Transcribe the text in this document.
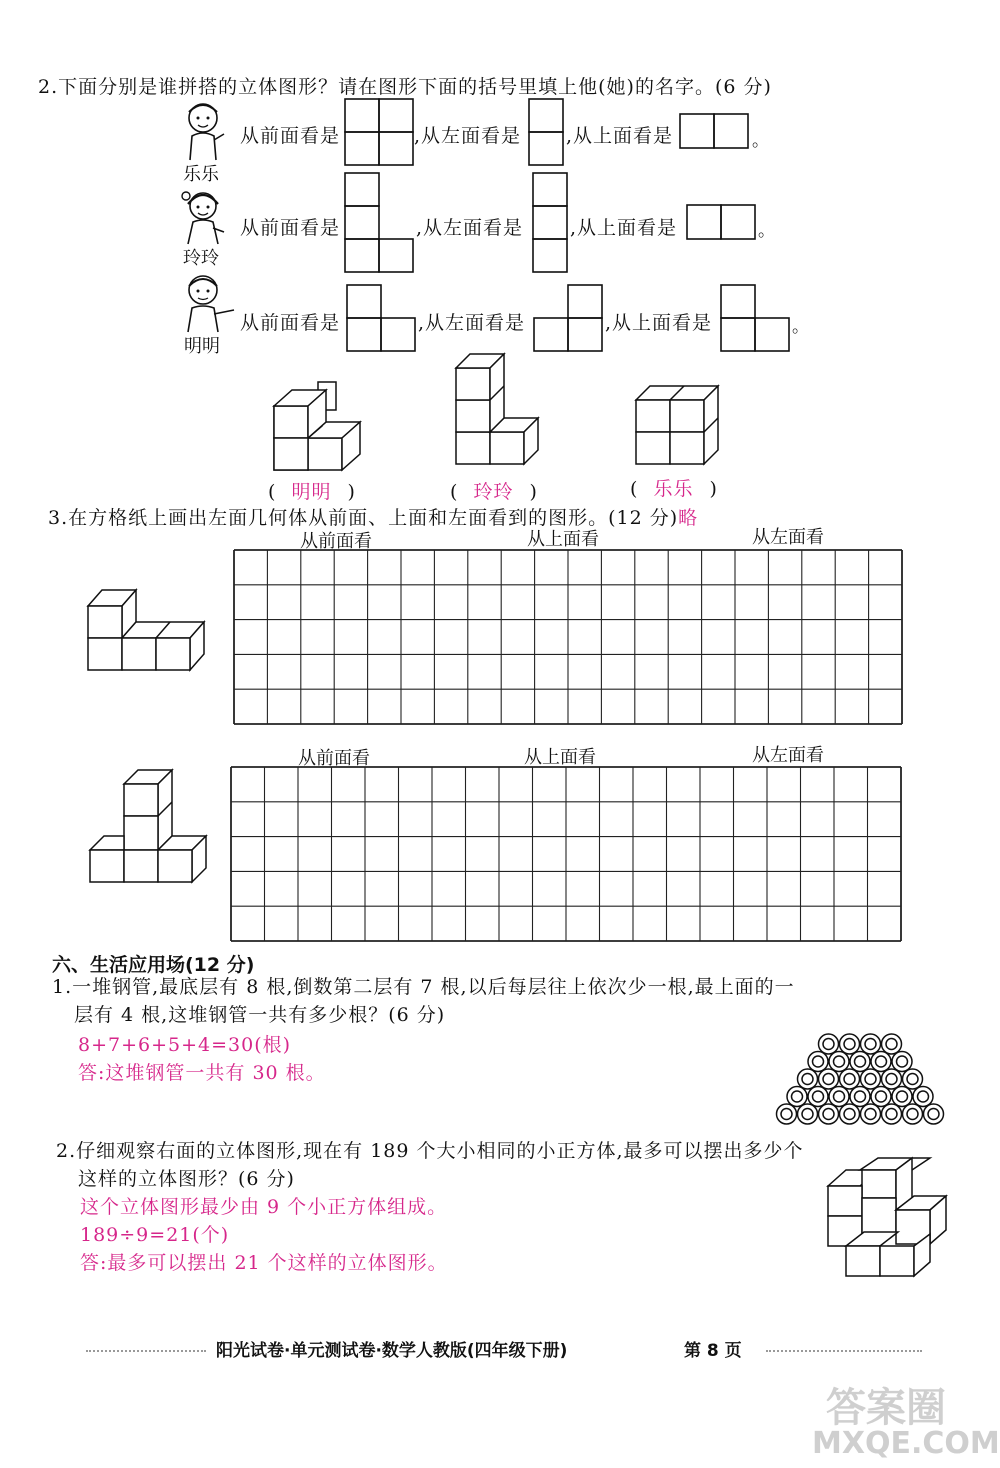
2.下面分别是谁拼搭的立体图形？请在图形下面的括号里填上他(她)的名字。(6 分)
乐乐
从前面看是	,从左面看是 ,从上面看是	。
玲玲
从前面看是	,从左面看是 ,从上面看是	。
明明
从前面看是	,从左面看是	,从上面看是	。
( 明明 )	( 玲玲 )	( 乐乐 )
3.在方格纸上画出左面几何体从前面、上面和左面看到的图形。(12 分)略
从前面看	从上面看	从左面看
从前面看	从上面看	从左面看
六、生活应用场(12 分)
1.一堆钢管,最底层有 8 根,倒数第二层有 7 根,以后每层往上依次少一根,最上面的一
层有 4 根,这堆钢管一共有多少根？(6 分)
8+7+6+5+4=30(根)
答:这堆钢管一共有 30 根。
2.仔细观察右面的立体图形,现在有 189 个大小相同的小正方体,最多可以摆出多少个
这样的立体图形？(6 分)
这个立体图形最少由 9 个小正方体组成。
189÷9=21(个)
答:最多可以摆出 21 个这样的立体图形。
阳光试卷·单元测试卷·数学人教版(四年级下册)	第 8 页
答案圈
MXQE.COM
